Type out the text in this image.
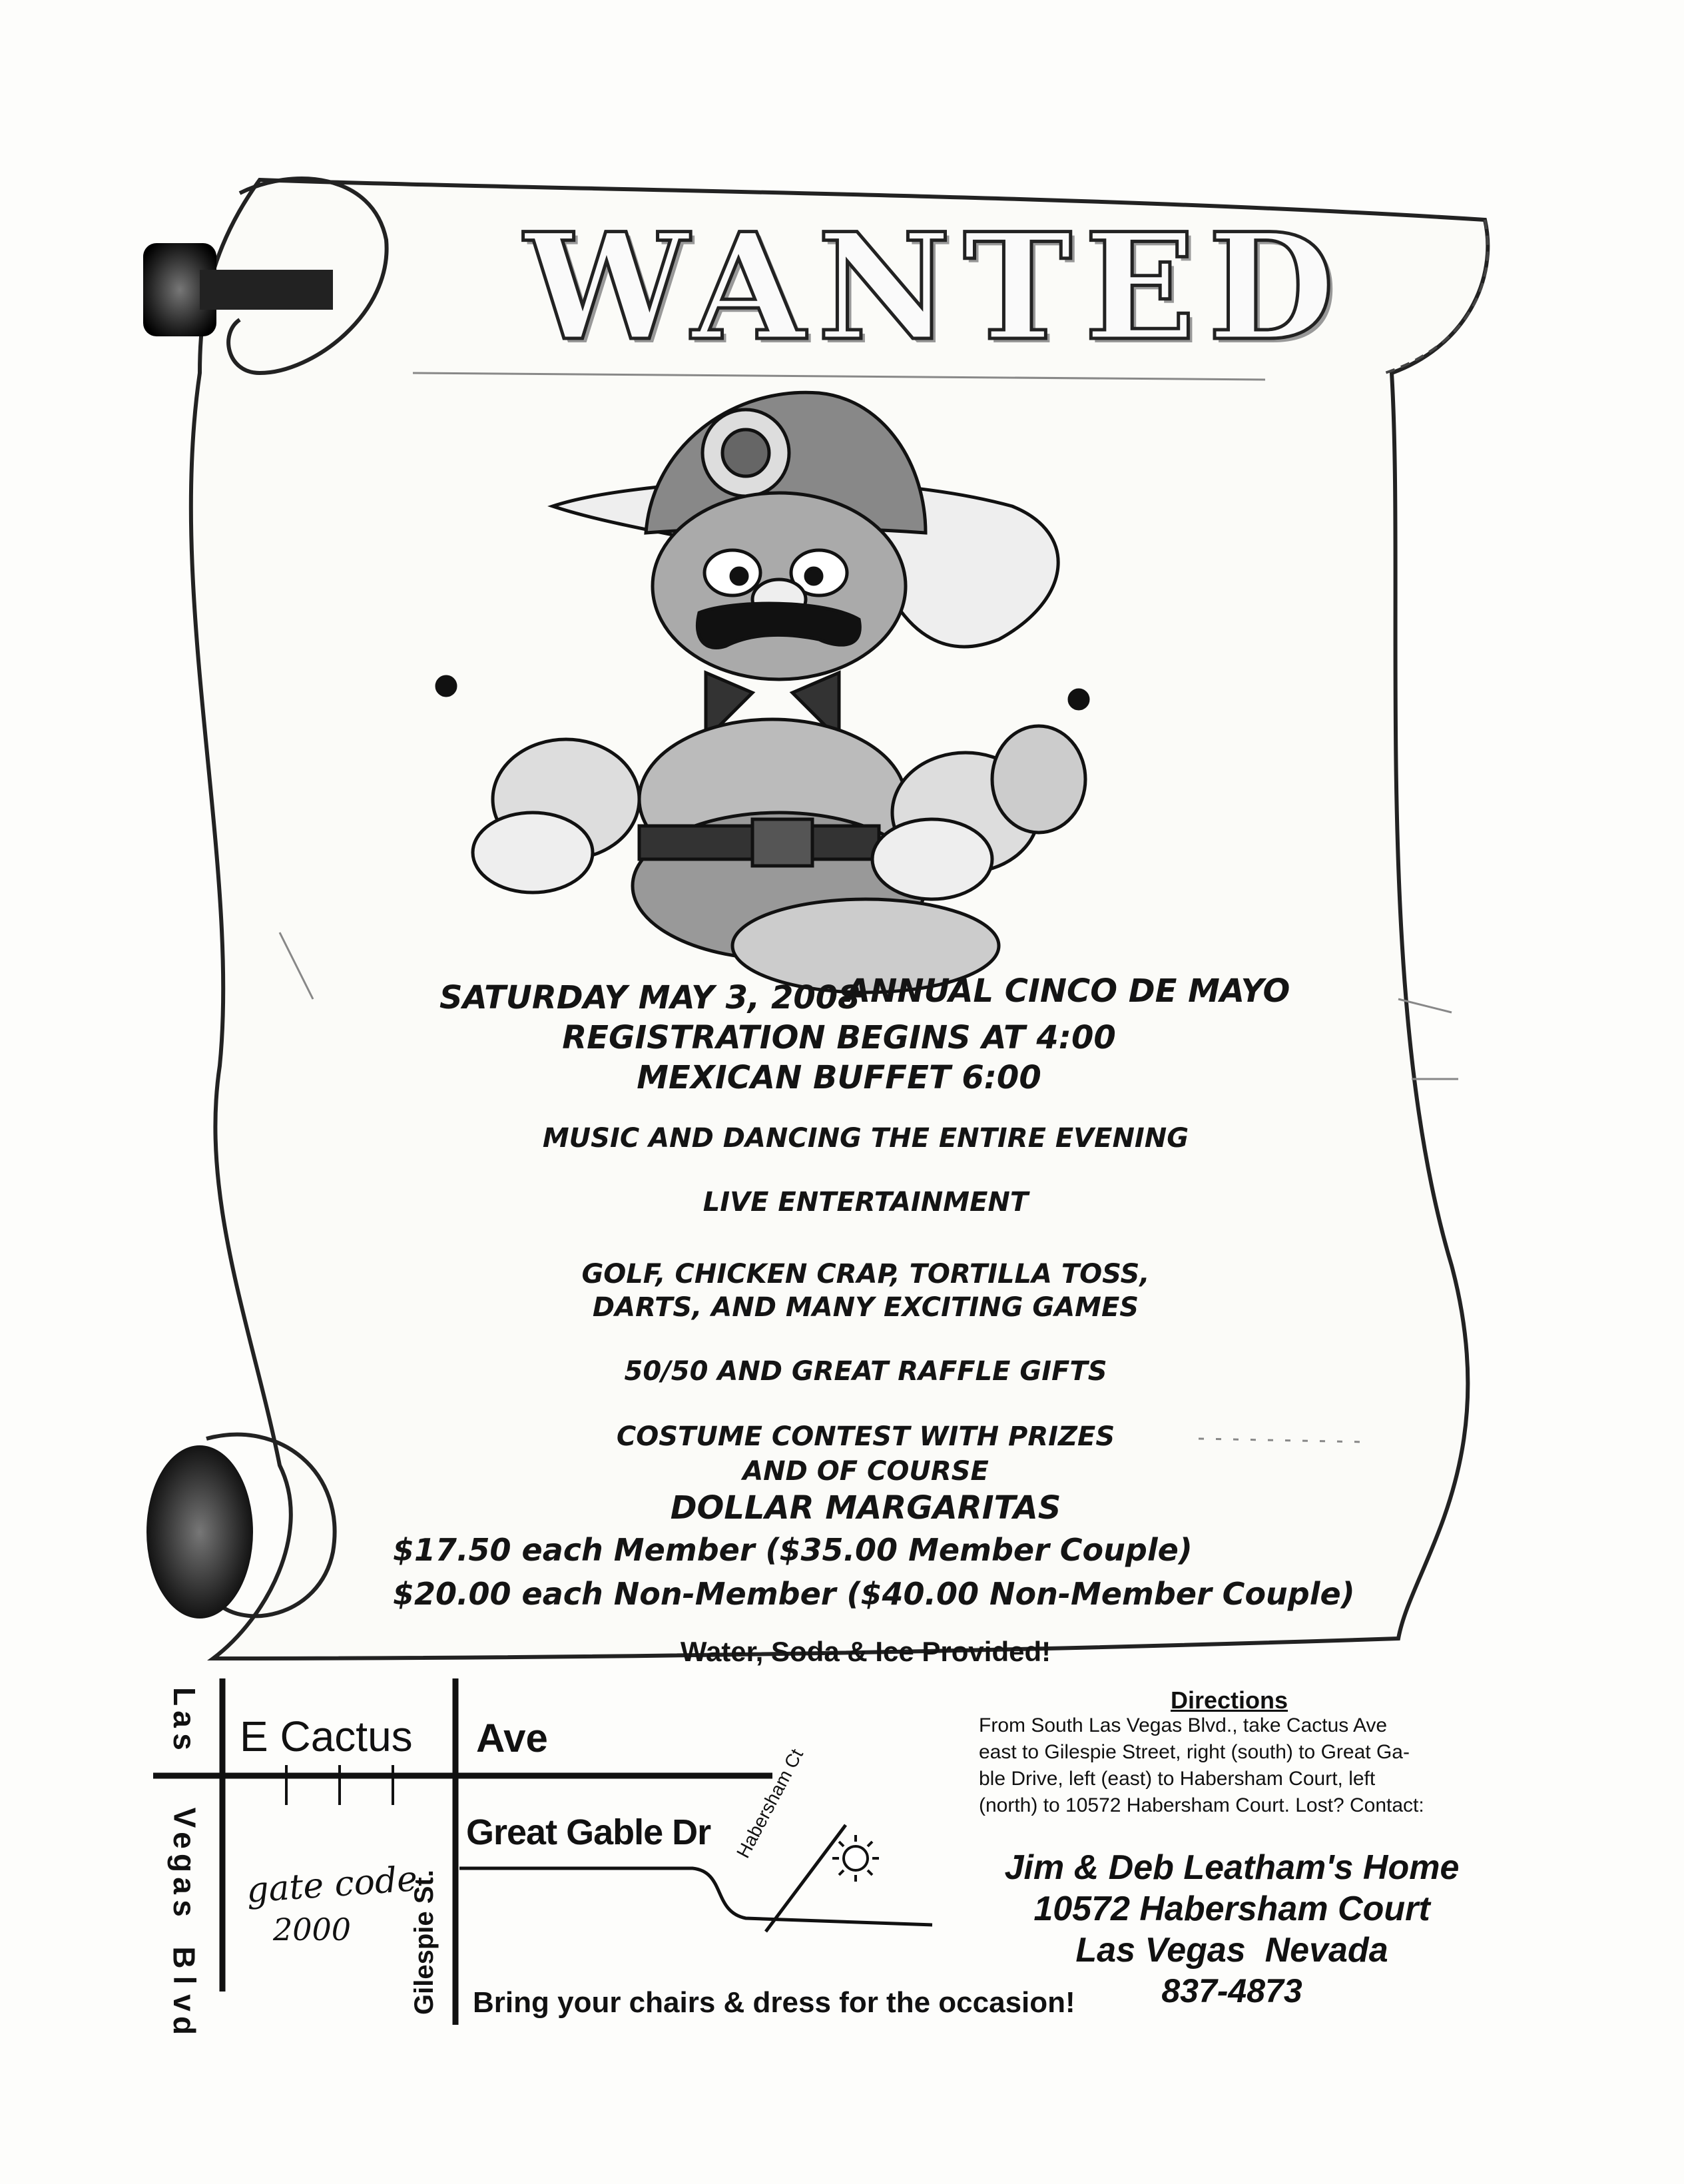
WANTED
SATURDAY MAY 3, 2008
ANNUAL CINCO DE MAYO
REGISTRATION BEGINS AT 4:00
MEXICAN BUFFET 6:00
MUSIC AND DANCING THE ENTIRE EVENING
LIVE ENTERTAINMENT
GOLF, CHICKEN CRAP, TORTILLA TOSS,
DARTS, AND MANY EXCITING GAMES
50/50 AND GREAT RAFFLE GIFTS
COSTUME CONTEST WITH PRIZES
AND OF COURSE
DOLLAR MARGARITAS
$17.50 each Member ($35.00 Member Couple)
$20.00 each Non-Member ($40.00 Non-Member Couple)
Water, Soda & Ice Provided!
L
a
s
V
e
g
a
s
B
l
v
d
E Cactus Ave
Great Gable Dr Habersham Ct
Gilespie St.
gate code
2000
Bring your chairs & dress for the occasion!
Directions
From South Las Vegas Blvd., take Cactus Ave
east to Gilespie Street, right (south) to Great Ga-
ble Drive, left (east) to Habersham Court, left
(north) to 10572 Habersham Court. Lost? Contact:
Jim & Deb Leatham's Home
10572 Habersham Court
Las Vegas  Nevada
837-4873
